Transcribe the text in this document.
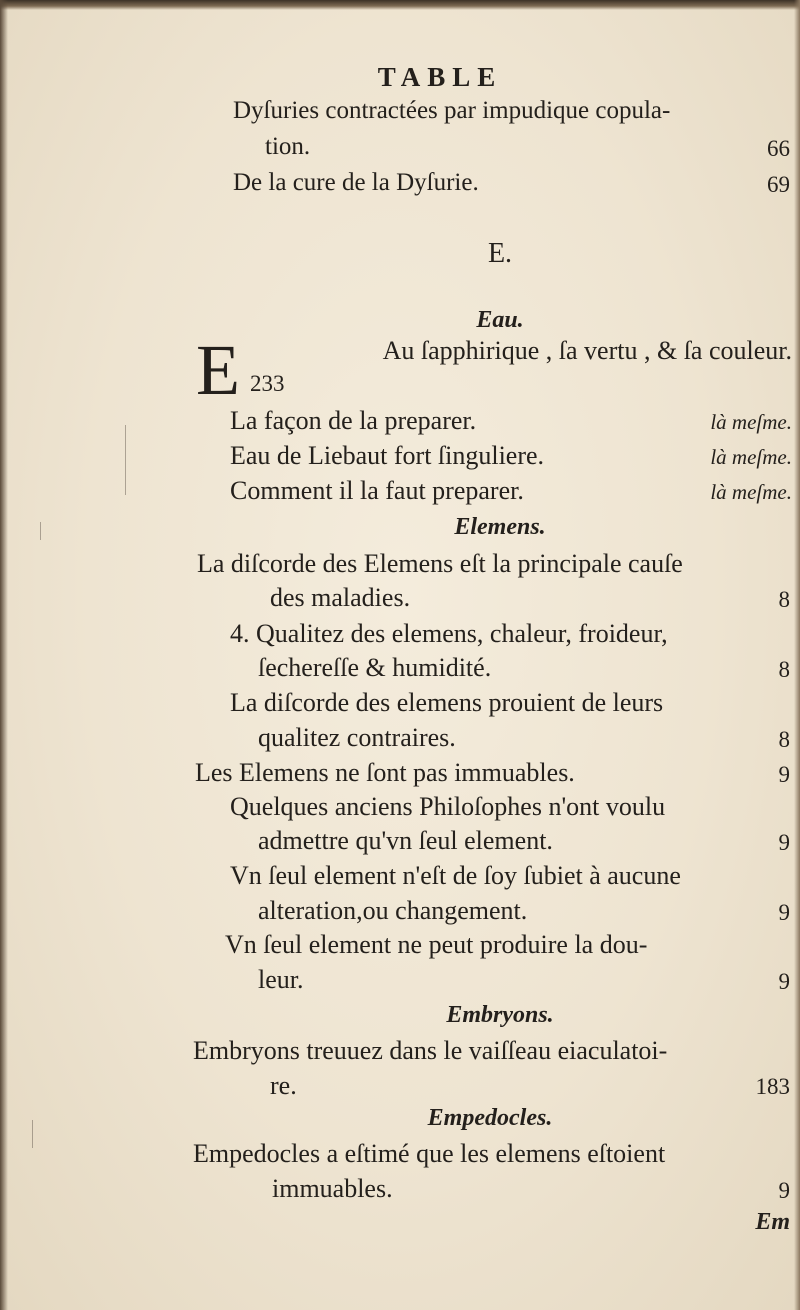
TABLE
Dyſuries contractées par impudique copula-
tion.	66
De la cure de la Dyſurie.	69
E.
Eau.
E	Au ſapphirique , ſa vertu , & ſa couleur.
233
La façon de la preparer.	là meſme.
Eau de Liebaut fort ſinguliere.	là meſme.
Comment il la faut preparer.	là meſme.
Elemens.
La diſcorde des Elemens eſt la principale cauſe
des maladies.	8
4. Qualitez des elemens, chaleur, froideur,
ſechereſſe & humidité.	8
La diſcorde des elemens prouient de leurs
qualitez contraires.	8
Les Elemens ne ſont pas immuables.	9
Quelques anciens Philoſophes n'ont voulu
admettre qu'vn ſeul element.	9
Vn ſeul element n'eſt de ſoy ſubiet à aucune
alteration,ou changement.	9
Vn ſeul element ne peut produire la dou-
leur.	9
Embryons.
Embryons treuuez dans le vaiſſeau eiaculatoi-
re.	183
Empedocles.
Empedocles a eſtimé que les elemens eſtoient
immuables.	9
Em
